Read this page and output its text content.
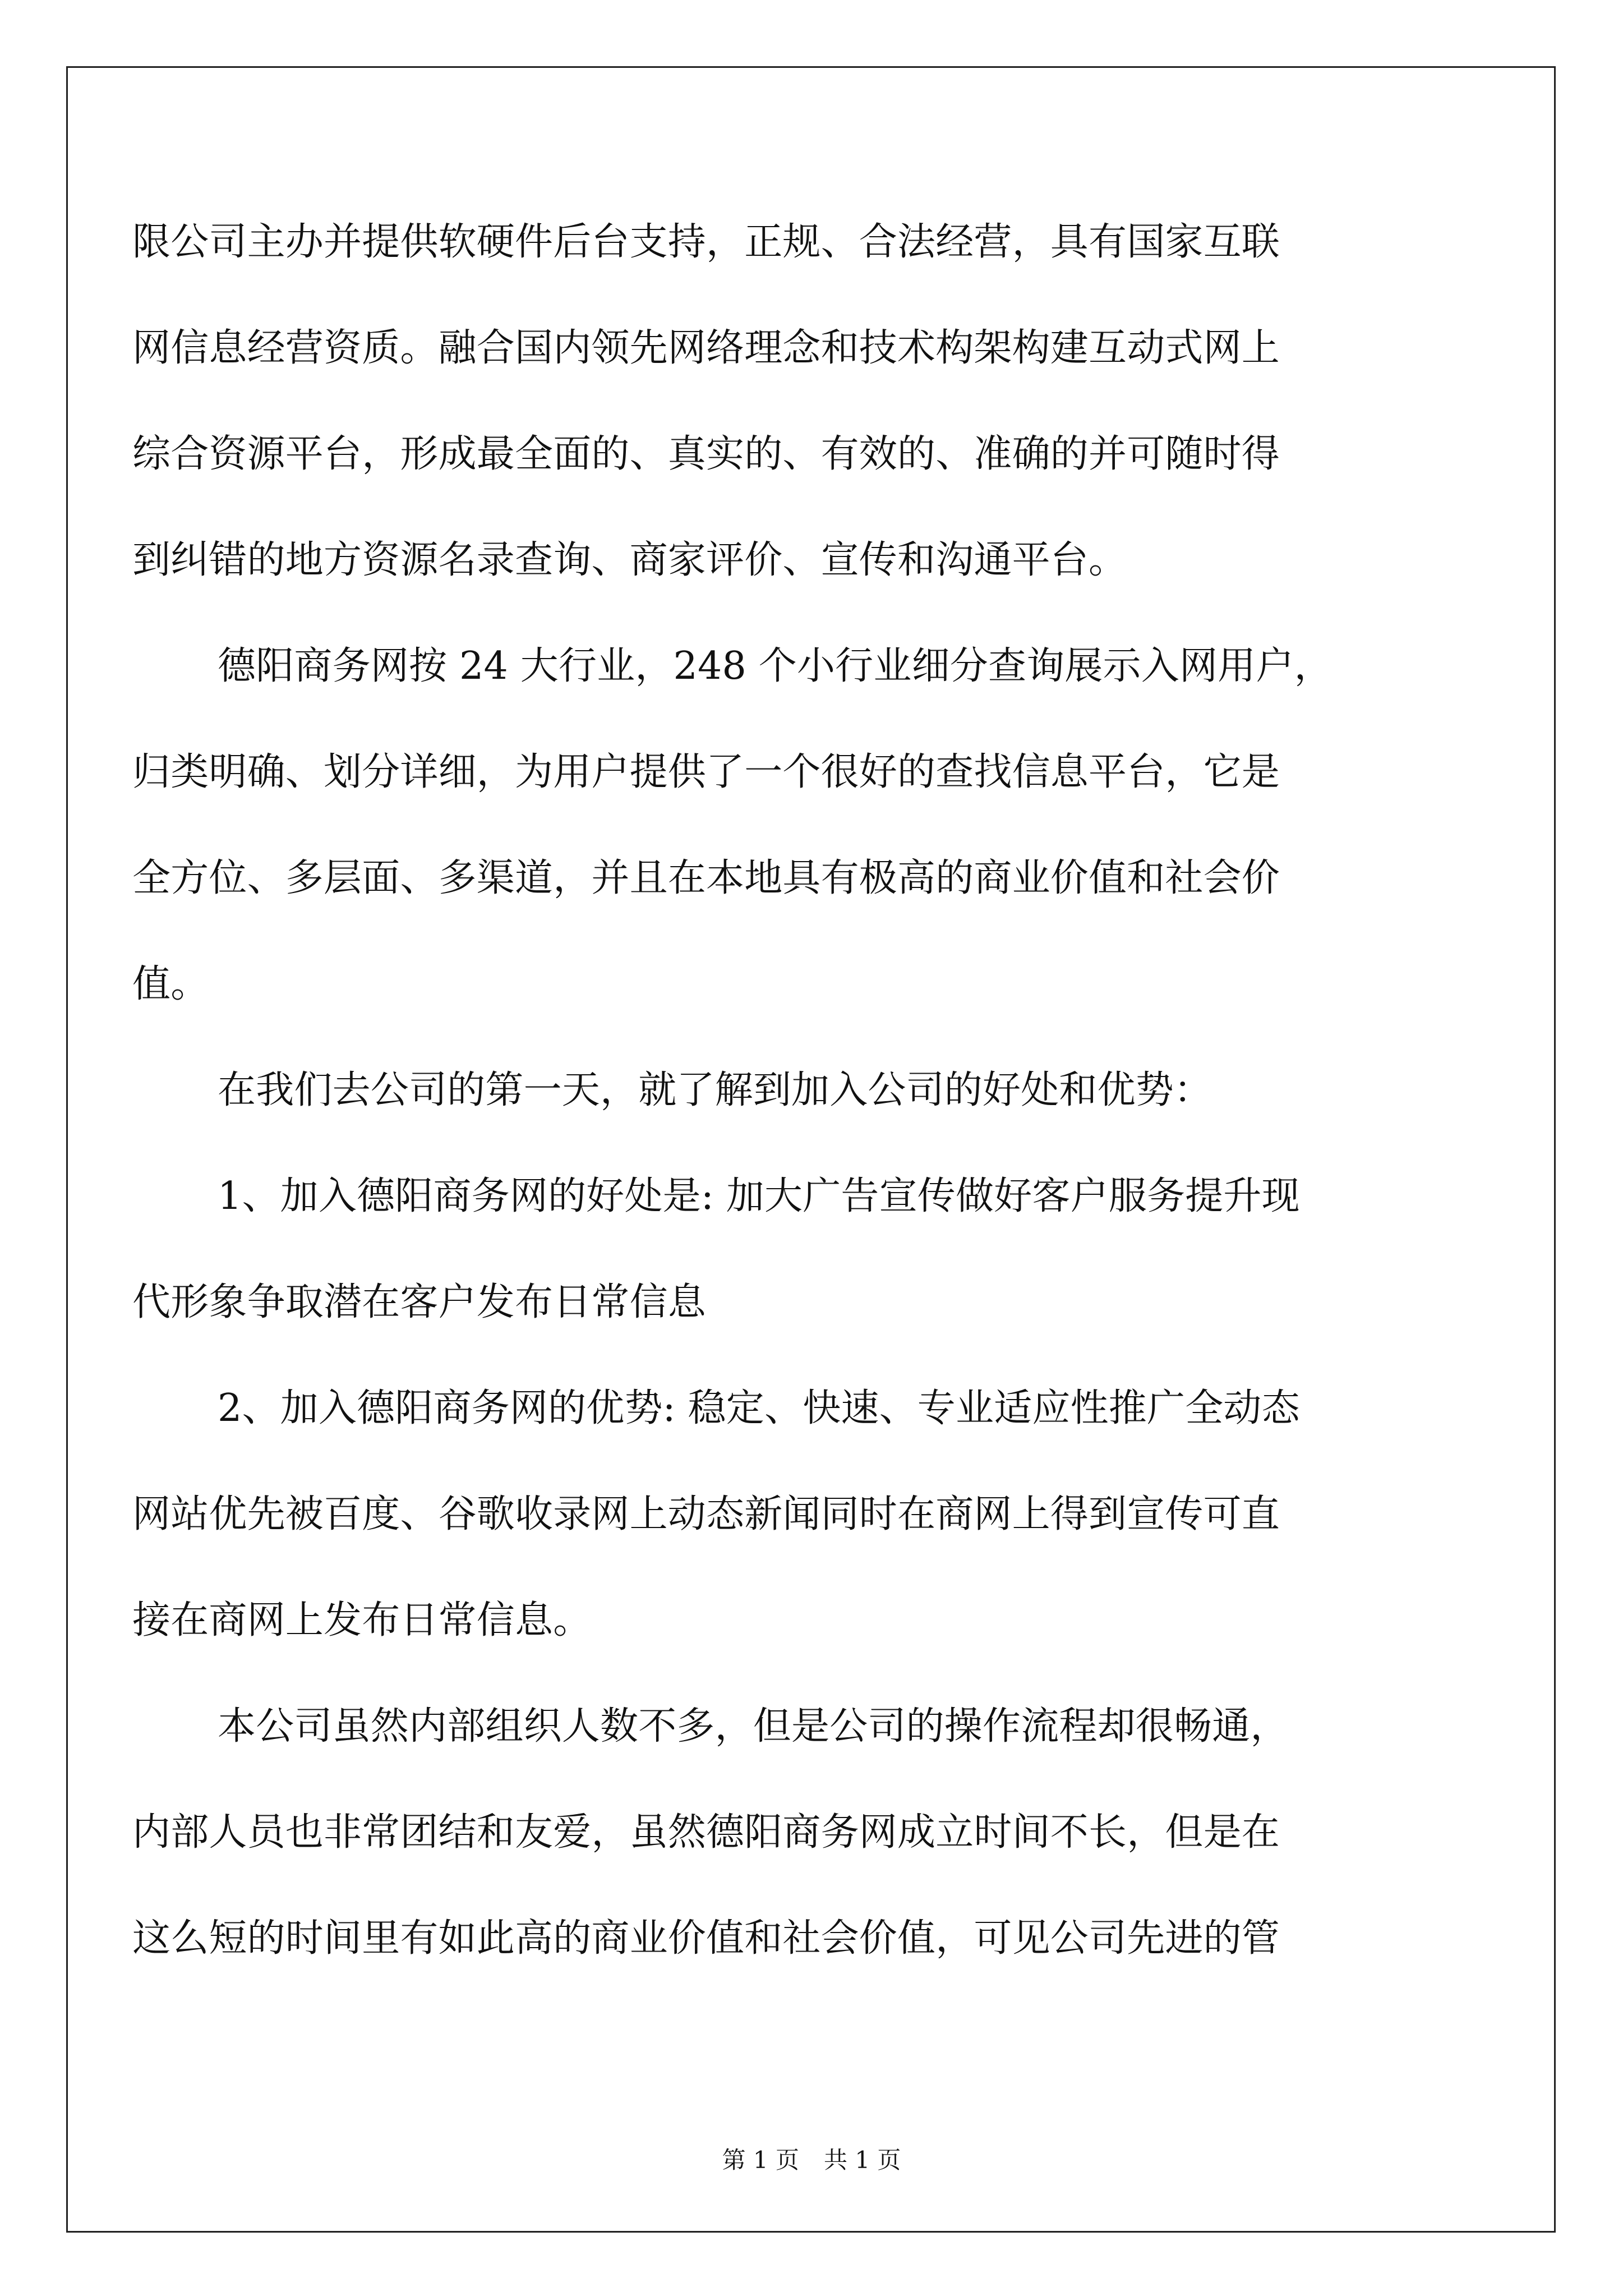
限公司主办并提供软硬件后台支持，正规、合法经营，具有国家互联
网信息经营资质。融合国内领先网络理念和技术构架构建互动式网上
综合资源平台，形成最全面的、真实的、有效的、准确的并可随时得
到纠错的地方资源名录查询、商家评价、宣传和沟通平台。
德阳商务网按 24 大行业，248 个小行业细分查询展示入网用户，
归类明确、划分详细，为用户提供了一个很好的查找信息平台，它是
全方位、多层面、多渠道，并且在本地具有极高的商业价值和社会价
值。
在我们去公司的第一天，就了解到加入公司的好处和优势：
1、加入德阳商务网的好处是: 加大广告宣传做好客户服务提升现
代形象争取潜在客户发布日常信息
2、加入德阳商务网的优势: 稳定、快速、专业适应性推广全动态
网站优先被百度、谷歌收录网上动态新闻同时在商网上得到宣传可直
接在商网上发布日常信息。
本公司虽然内部组织人数不多，但是公司的操作流程却很畅通，
内部人员也非常团结和友爱，虽然德阳商务网成立时间不长，但是在
这么短的时间里有如此高的商业价值和社会价值，可见公司先进的管
第 1 页 共 1 页
